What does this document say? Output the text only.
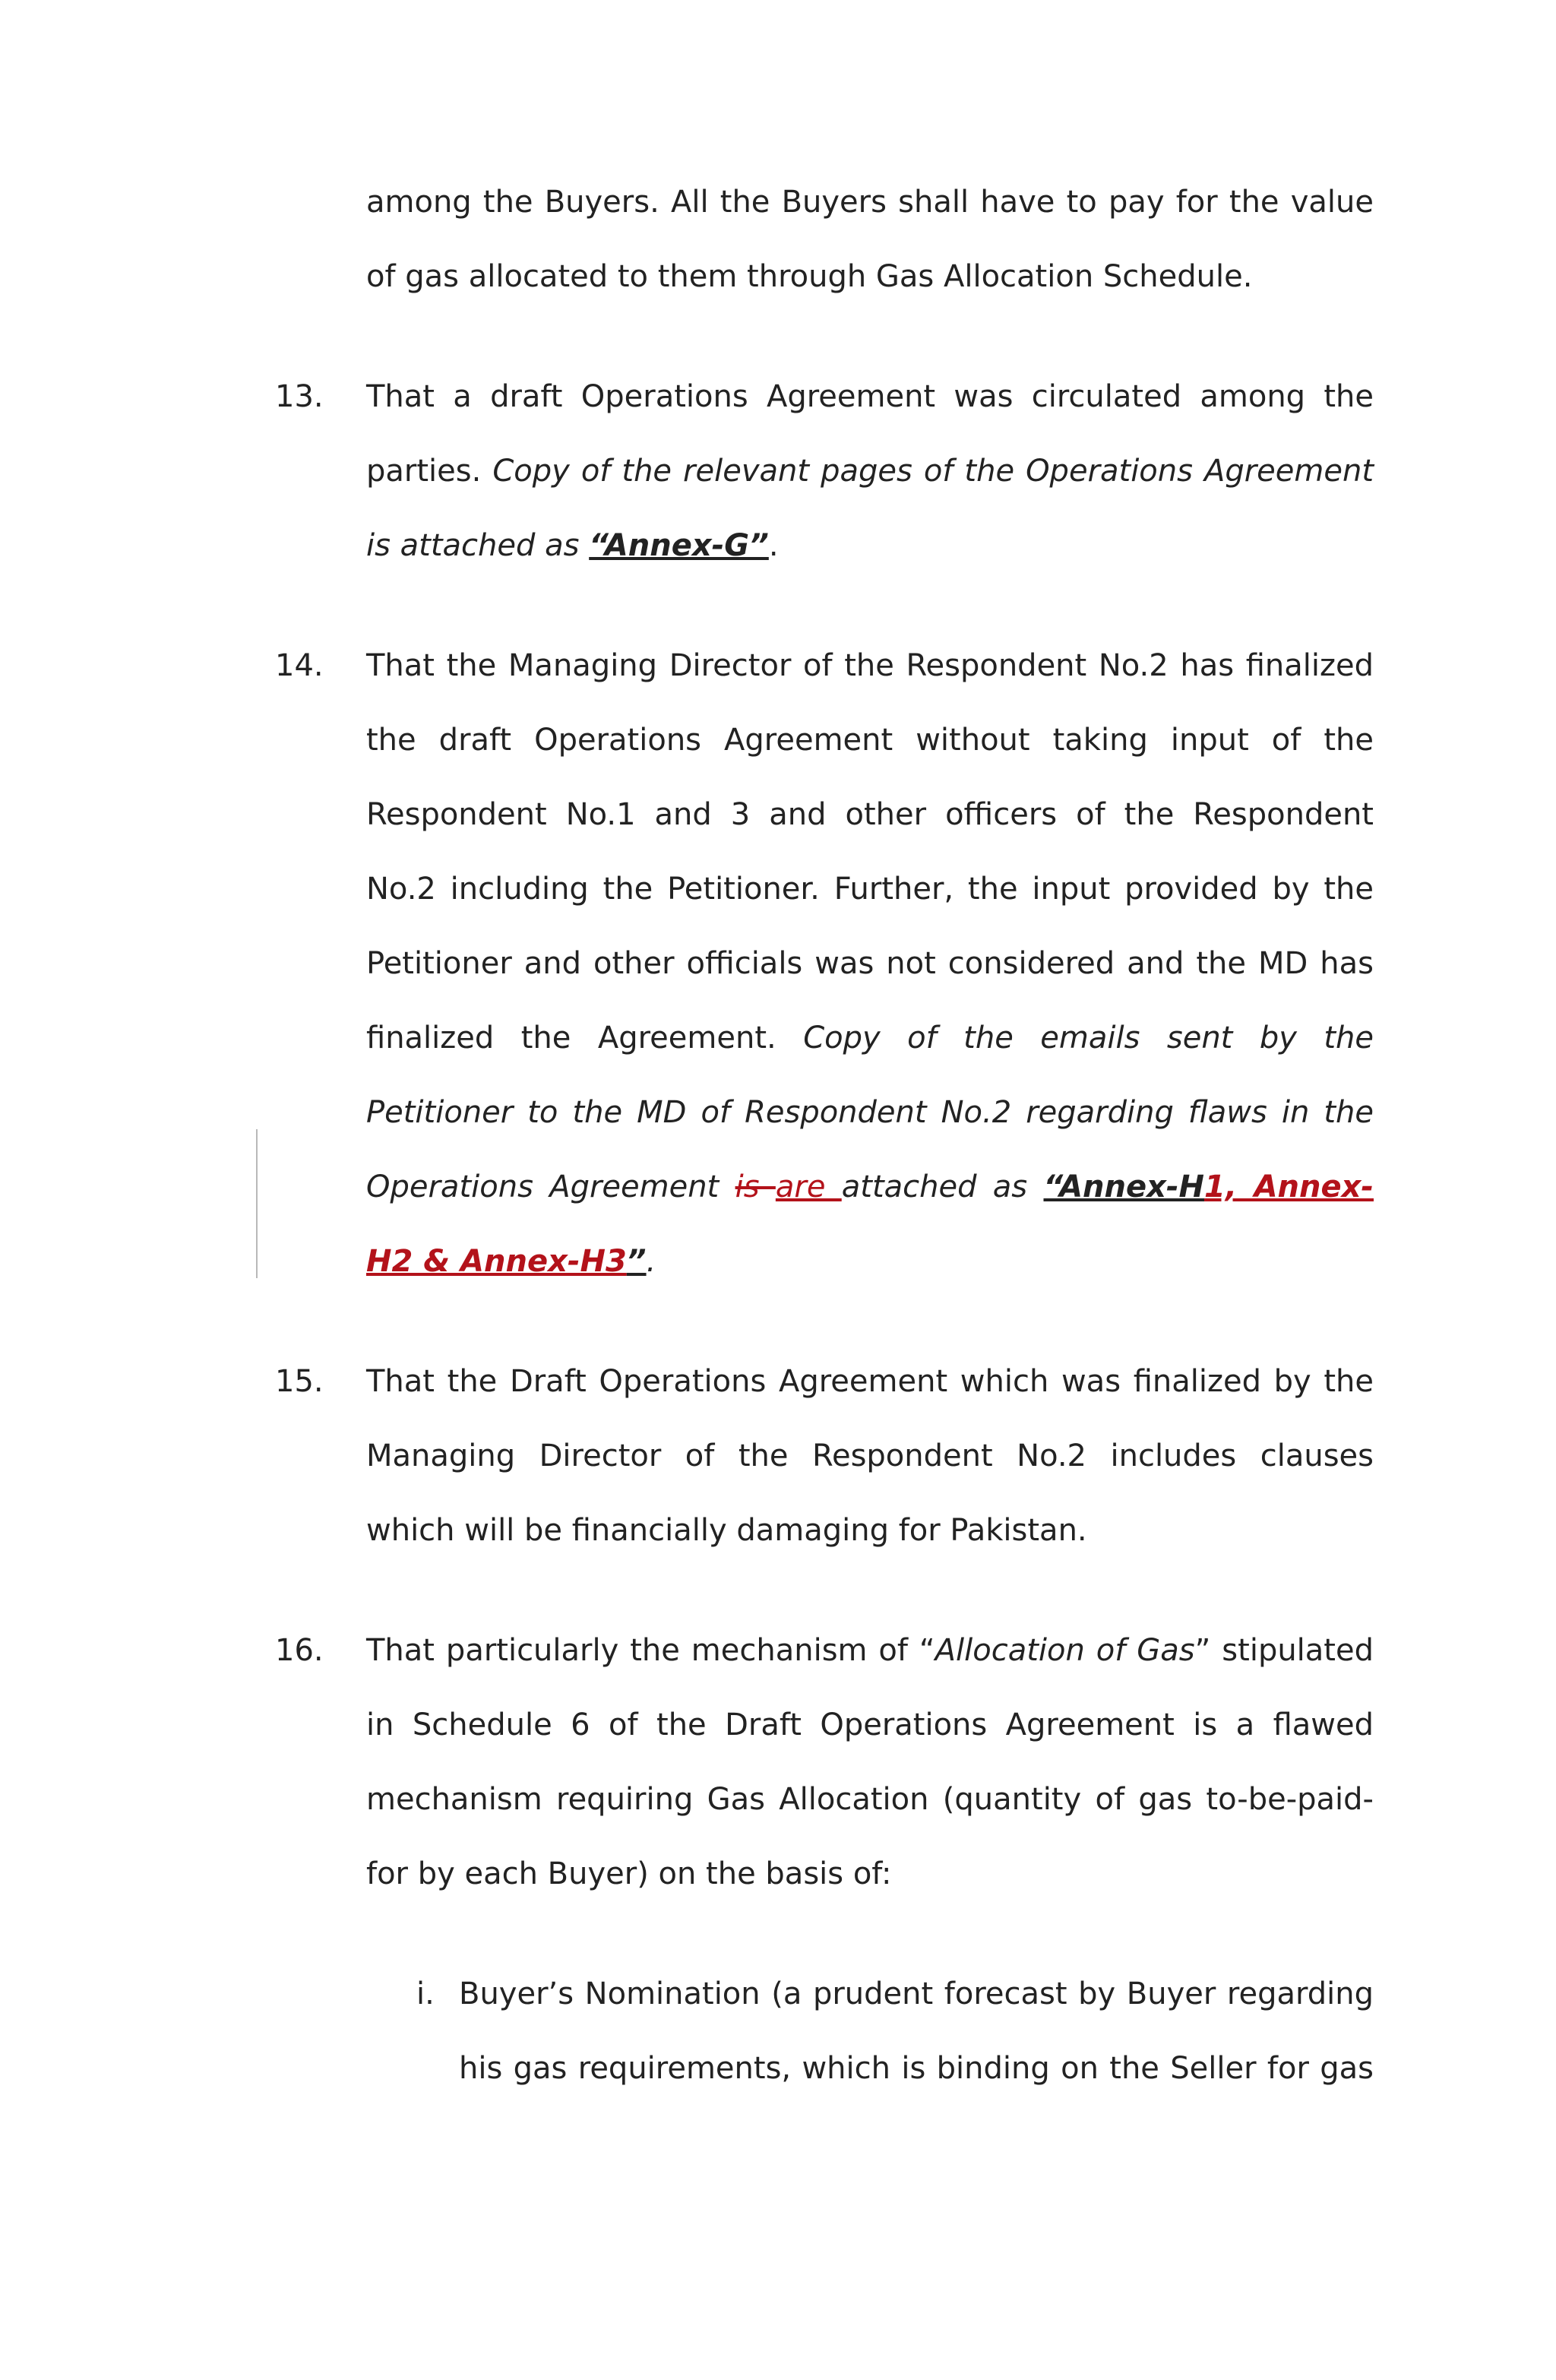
among the Buyers. All the Buyers shall have to pay for the value
of gas allocated to them through Gas Allocation Schedule.
13. That a draft Operations Agreement was circulated among the
parties. Copy of the relevant pages of the Operations Agreement
is attached as “Annex-G”.
14. That the Managing Director of the Respondent No.2 has finalized
the draft Operations Agreement without taking input of the
Respondent No.1 and 3 and other officers of the Respondent
No.2 including the Petitioner. Further, the input provided by the
Petitioner and other officials was not considered and the MD has
finalized the Agreement. Copy of the emails sent by the
Petitioner to the MD of Respondent No.2 regarding flaws in the
Operations Agreement is are attached as “Annex-H1, Annex-
H2 & Annex-H3”.
15. That the Draft Operations Agreement which was finalized by the
Managing Director of the Respondent No.2 includes clauses
which will be financially damaging for Pakistan.
16. That particularly the mechanism of “Allocation of Gas” stipulated
in Schedule 6 of the Draft Operations Agreement is a flawed
mechanism requiring Gas Allocation (quantity of gas to-be-paid-
for by each Buyer) on the basis of:
i. Buyer’s Nomination (a prudent forecast by Buyer regarding
his gas requirements, which is binding on the Seller for gas
